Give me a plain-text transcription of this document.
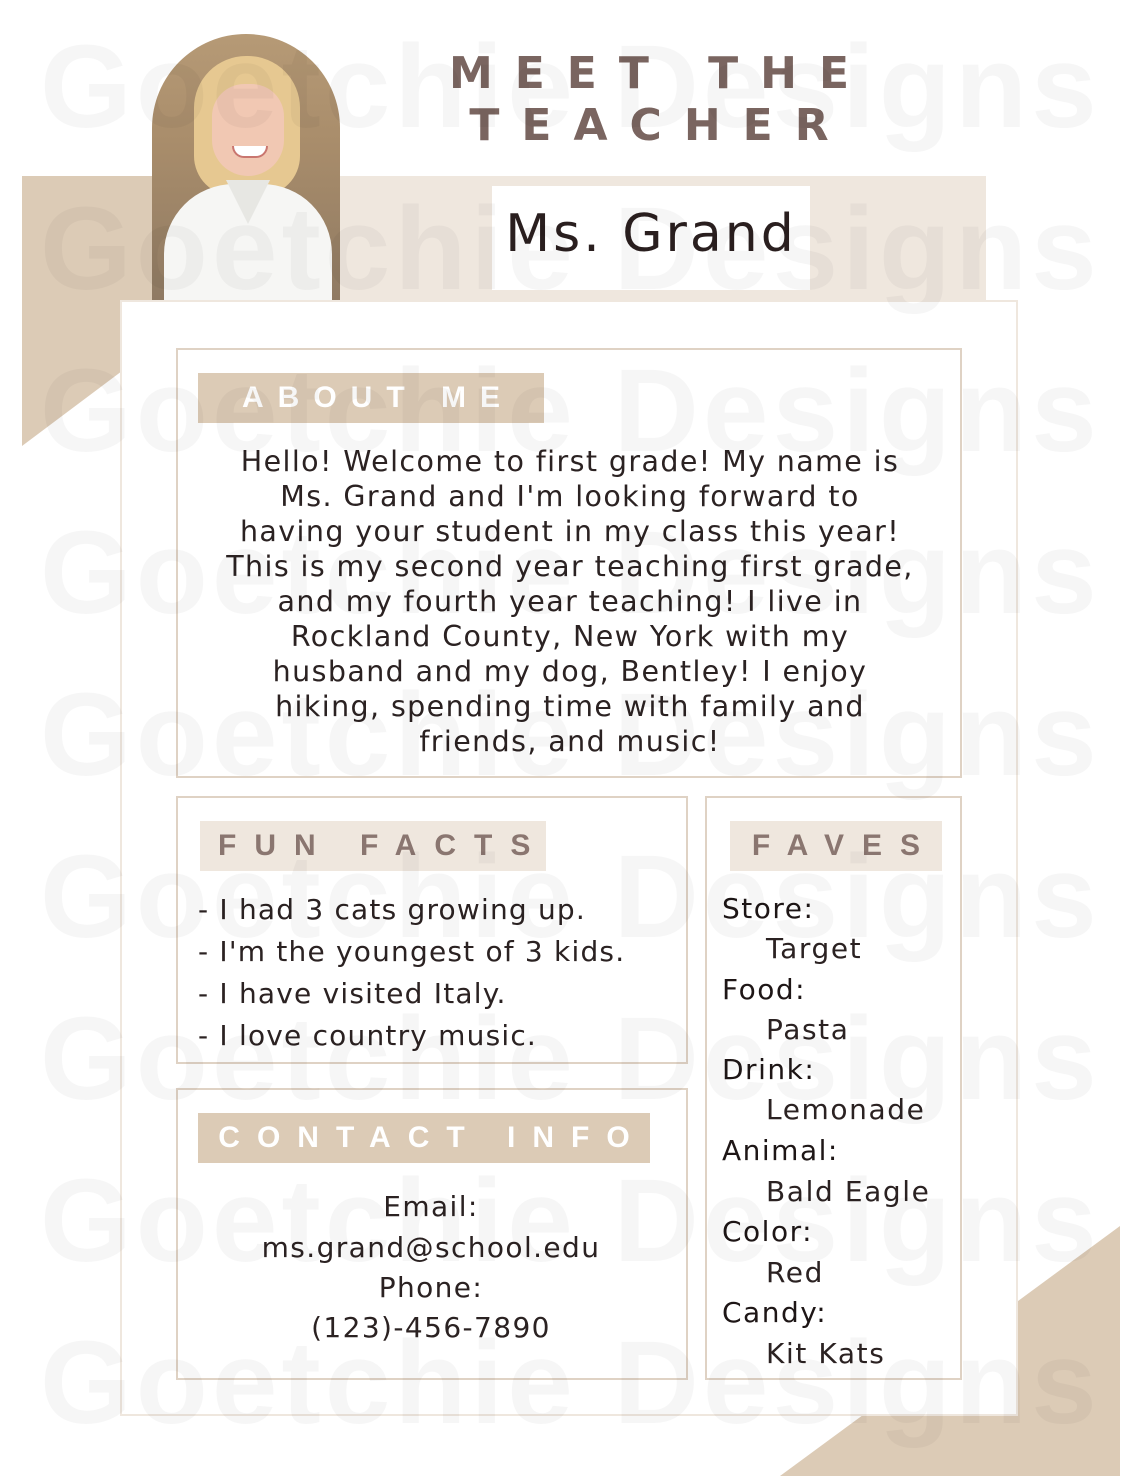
Ms. Grand
MEET THE
TEACHER
ABOUT ME
Hello! Welcome to first grade! My name is
Ms. Grand and I'm looking forward to
having your student in my class this year!
This is my second year teaching first grade,
and my fourth year teaching! I live in
Rockland County, New York with my
husband and my dog, Bentley! I enjoy
hiking, spending time with family and
friends, and music!
FUN FACTS
- I had 3 cats growing up.
- I'm the youngest of 3 kids.
- I have visited Italy.
- I love country music.
CONTACT INFO
Email:
ms.grand@school.edu
Phone:
(123)-456-7890
FAVES
Store:
Target
Food:
Pasta
Drink:
Lemonade
Animal:
Bald Eagle
Color:
Red
Candy:
Kit Kats
